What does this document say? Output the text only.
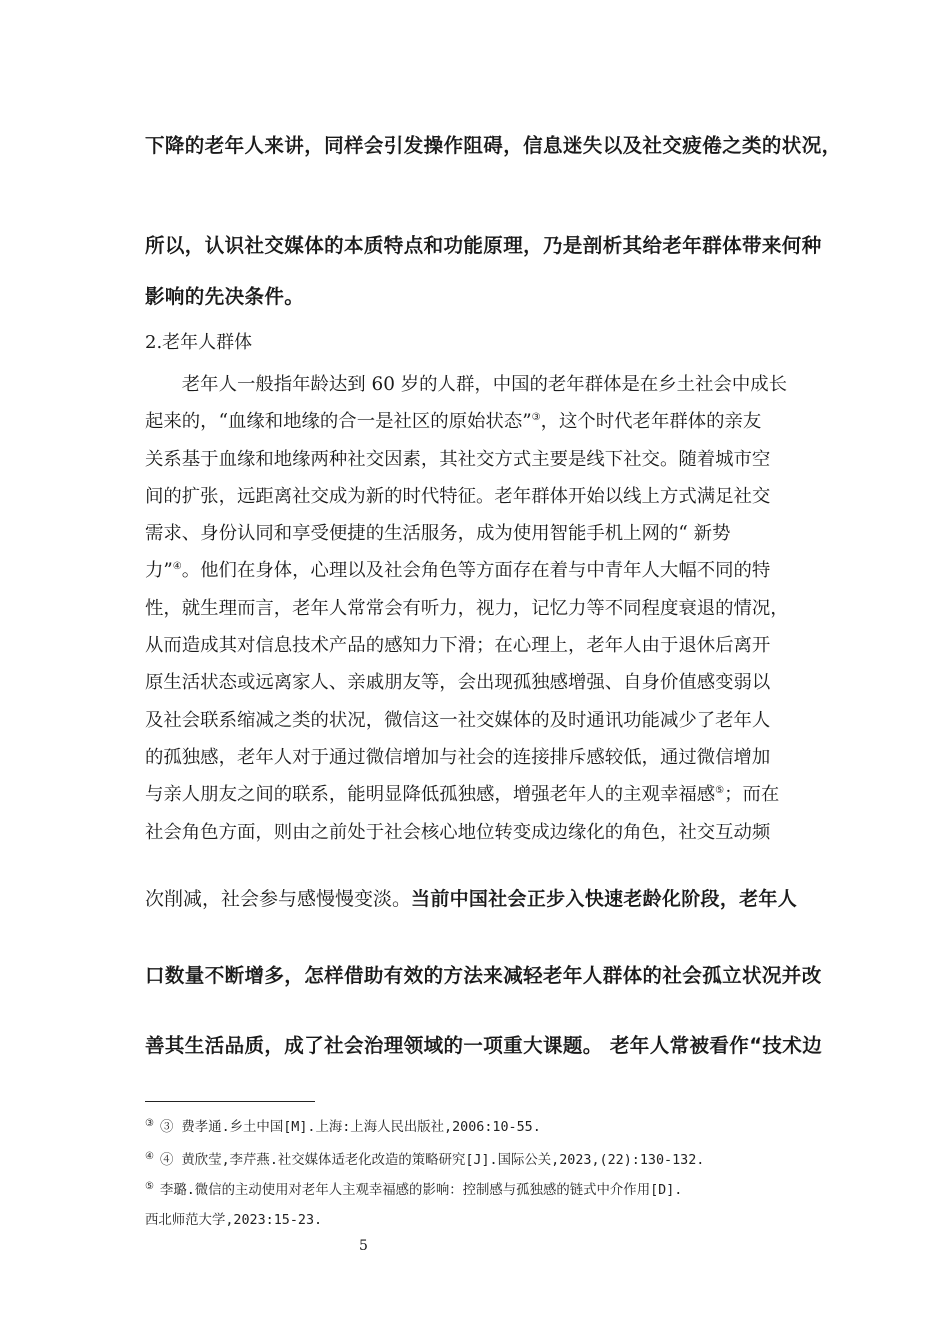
下降的老年人来讲，同样会引发操作阻碍，信息迷失以及社交疲倦之类的状况，
所以，认识社交媒体的本质特点和功能原理，乃是剖析其给老年群体带来何种
影响的先决条件。
2.老年人群体
　　老年人一般指年龄达到 60 岁的人群，中国的老年群体是在乡土社会中成长
起来的，“血缘和地缘的合一是社区的原始状态”③，这个时代老年群体的亲友
关系基于血缘和地缘两种社交因素，其社交方式主要是线下社交。随着城市空
间的扩张，远距离社交成为新的时代特征。老年群体开始以线上方式满足社交
需求、身份认同和享受便捷的生活服务，成为使用智能手机上网的“ 新势
力”④。他们在身体，心理以及社会角色等方面存在着与中青年人大幅不同的特
性，就生理而言，老年人常常会有听力，视力，记忆力等不同程度衰退的情况，
从而造成其对信息技术产品的感知力下滑；在心理上，老年人由于退休后离开
原生活状态或远离家人、亲戚朋友等，会出现孤独感增强、自身价值感变弱以
及社会联系缩减之类的状况，微信这一社交媒体的及时通讯功能减少了老年人
的孤独感，老年人对于通过微信增加与社会的连接排斥感较低，通过微信增加
与亲人朋友之间的联系，能明显降低孤独感，增强老年人的主观幸福感⑤；而在
社会角色方面，则由之前处于社会核心地位转变成边缘化的角色，社交互动频
次削减，社会参与感慢慢变淡。当前中国社会正步入快速老龄化阶段，老年人
口数量不断增多，怎样借助有效的方法来减轻老年人群体的社会孤立状况并改
善其生活品质，成了社会治理领域的一项重大课题。 老年人常被看作“技术边
③ ③ 费孝通.乡土中国[M].上海:上海人民出版社,2006:10-55.
④ ④ 黄欣莹,李芹燕.社交媒体适老化改造的策略研究[J].国际公关,2023,(22):130-132.
⑤ 李璐.微信的主动使用对老年人主观幸福感的影响：控制感与孤独感的链式中介作用[D].
西北师范大学,2023:15-23.
5
